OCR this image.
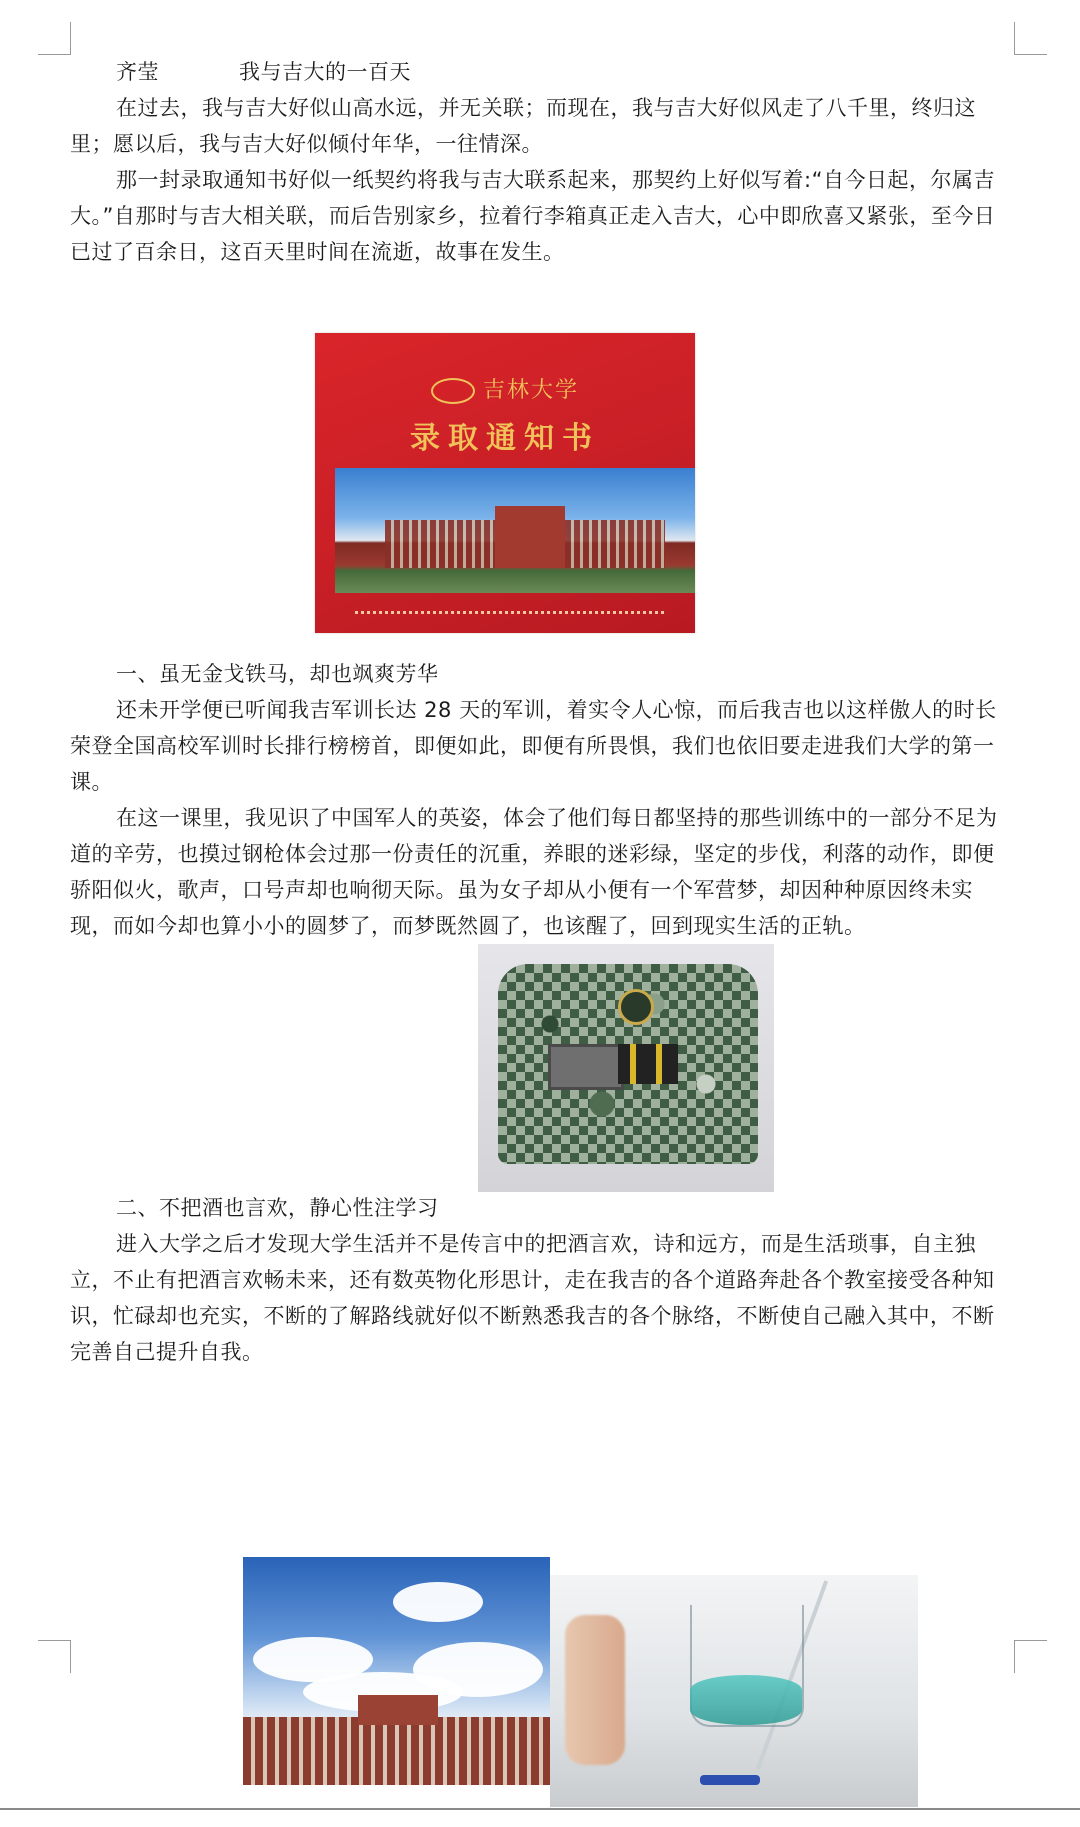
齐莹	我与吉大的一百天

在过去，我与吉大好似山高水远，并无关联；而现在，我与吉大好似风走了八千里，终归这里；愿以后，我与吉大好似倾付年华，一往情深。

那一封录取通知书好似一纸契约将我与吉大联系起来，那契约上好似写着:“自今日起，尔属吉大。”自那时与吉大相关联，而后告别家乡，拉着行李箱真正走入吉大，心中即欣喜又紧张，至今日已过了百余日，这百天里时间在流逝，故事在发生。

吉林大学
录取通知书

一、虽无金戈铁马，却也飒爽芳华

还未开学便已听闻我吉军训长达 28 天的军训，着实令人心惊，而后我吉也以这样傲人的时长荣登全国高校军训时长排行榜榜首，即便如此，即便有所畏惧，我们也依旧要走进我们大学的第一课。

在这一课里，我见识了中国军人的英姿，体会了他们每日都坚持的那些训练中的一部分不足为道的辛劳，也摸过钢枪体会过那一份责任的沉重，养眼的迷彩绿，坚定的步伐，利落的动作，即便骄阳似火，歌声，口号声却也响彻天际。虽为女子却从小便有一个军营梦，却因种种原因终未实现，而如今却也算小小的圆梦了，而梦既然圆了，也该醒了，回到现实生活的正轨。

二、不把酒也言欢，静心性注学习

进入大学之后才发现大学生活并不是传言中的把酒言欢，诗和远方，而是生活琐事，自主独立，不止有把酒言欢畅未来，还有数英物化形思计，走在我吉的各个道路奔赴各个教室接受各种知识，忙碌却也充实，不断的了解路线就好似不断熟悉我吉的各个脉络，不断使自己融入其中，不断完善自己提升自我。
